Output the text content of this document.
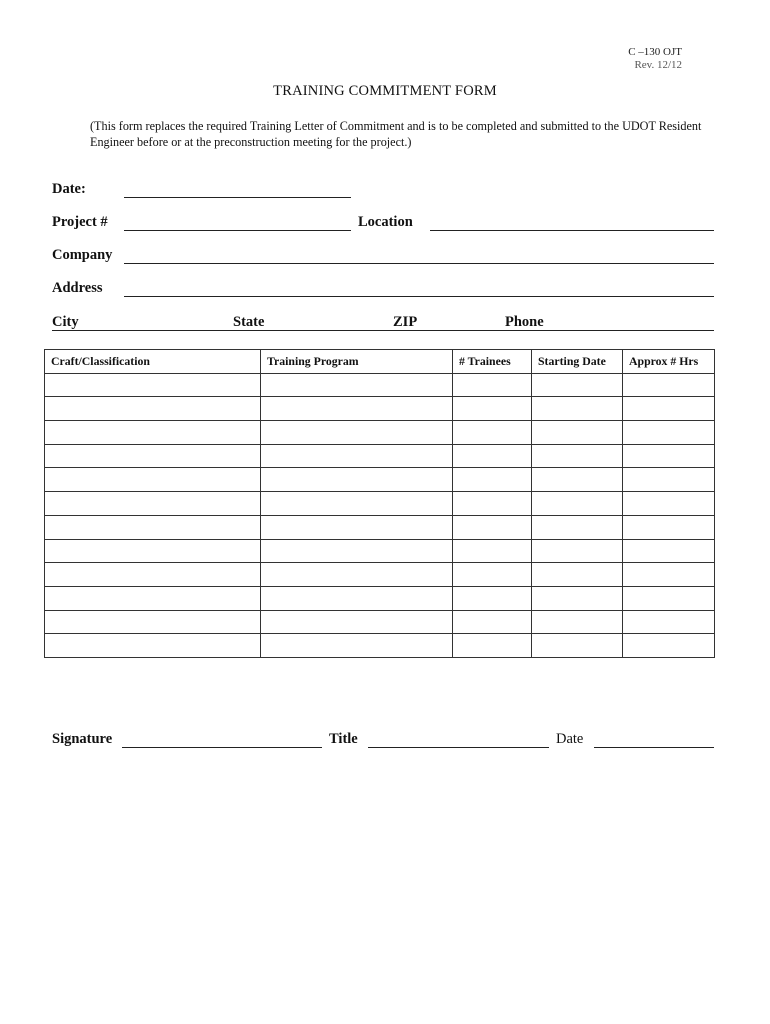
C –130 OJT
Rev. 12/12
TRAINING COMMITMENT FORM
(This form replaces the required Training Letter of Commitment and is to be completed and submitted to the UDOT Resident Engineer before or at the preconstruction meeting for the project.)
Date:
Project #	Location
Company
Address
City	State	ZIP	Phone
Craft/Classification	Training Program	# Trainees	Starting Date	Approx # Hrs

Signature	Title	Date
